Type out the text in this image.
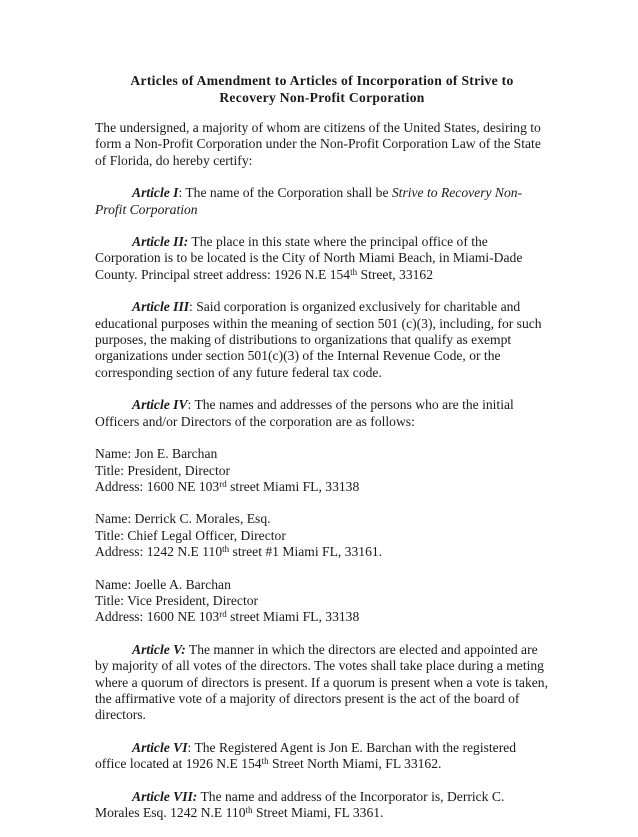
Articles of Amendment to Articles of Incorporation of Strive to
Recovery Non-Profit Corporation

The undersigned, a majority of whom are citizens of the United States, desiring to form a Non-Profit Corporation under the Non-Profit Corporation Law of the State of Florida, do hereby certify:

Article I: The name of the Corporation shall be Strive to Recovery Non-Profit Corporation

Article II: The place in this state where the principal office of the Corporation is to be located is the City of North Miami Beach, in Miami-Dade County. Principal street address: 1926 N.E 154th Street, 33162

Article III: Said corporation is organized exclusively for charitable and educational purposes within the meaning of section 501 (c)(3), including, for such purposes, the making of distributions to organizations that qualify as exempt organizations under section 501(c)(3) of the Internal Revenue Code, or the corresponding section of any future federal tax code.

Article IV: The names and addresses of the persons who are the initial Officers and/or Directors of the corporation are as follows:

Name: Jon E. Barchan

Title: President, Director

Address: 1600 NE 103rd street Miami FL, 33138

Name: Derrick C. Morales, Esq.

Title: Chief Legal Officer, Director

Address: 1242 N.E 110th street #1 Miami FL, 33161.

Name: Joelle A. Barchan

Title: Vice President, Director

Address: 1600 NE 103rd street Miami FL, 33138

Article V: The manner in which the directors are elected and appointed are by majority of all votes of the directors. The votes shall take place during a meting where a quorum of directors is present. If a quorum is present when a vote is taken, the affirmative vote of a majority of directors present is the act of the board of directors.

Article VI: The Registered Agent is Jon E. Barchan with the registered office located at 1926 N.E 154th Street North Miami, FL 33162.

Article VII: The name and address of the Incorporator is, Derrick C. Morales Esq. 1242 N.E 110th Street Miami, FL 3361.
